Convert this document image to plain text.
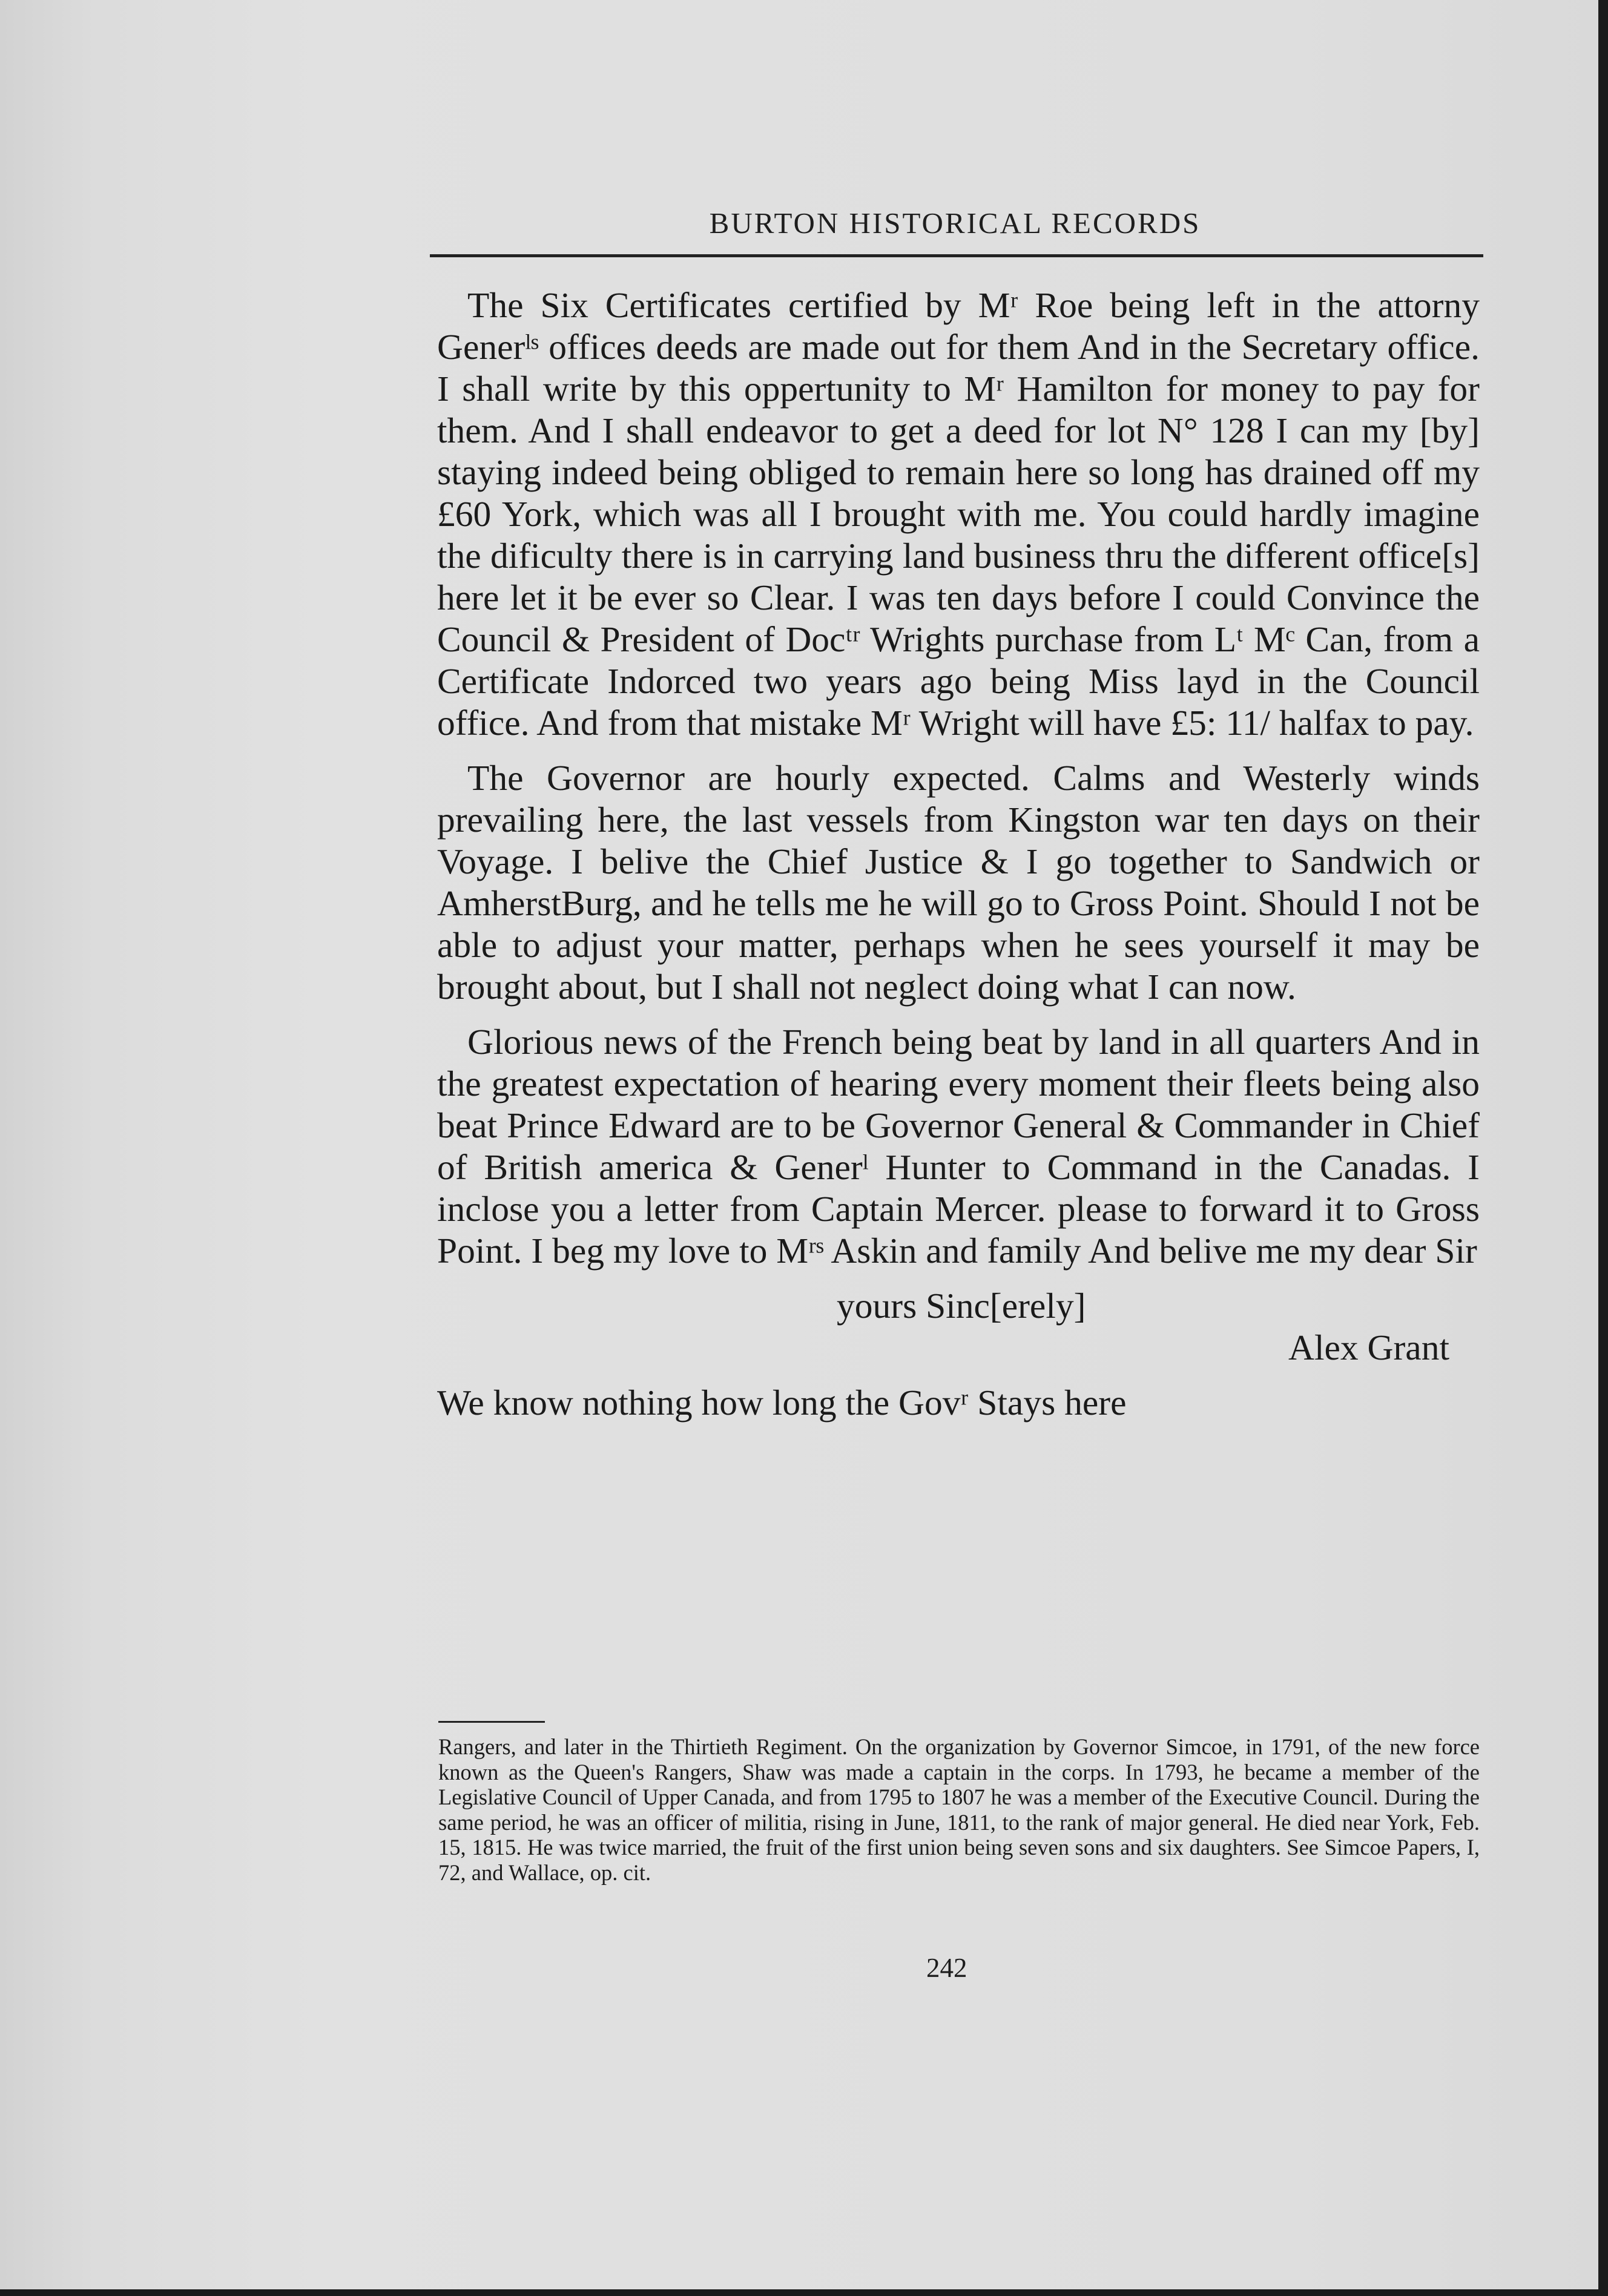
BURTON HISTORICAL RECORDS

The Six Certificates certified by Mʳ Roe being left in the attorny Generˡˢ offices deeds are made out for them And in the Secretary office. I shall write by this oppertunity to Mʳ Hamilton for money to pay for them. And I shall endeavor to get a deed for lot N° 128 I can my [by] staying indeed being obliged to remain here so long has drained off my £60 York, which was all I brought with me. You could hardly imagine the dificulty there is in carrying land business thru the different office[s] here let it be ever so Clear. I was ten days before I could Convince the Council & President of Docᵗʳ Wrights purchase from Lᵗ Mᶜ Can, from a Certificate Indorced two years ago being Miss layd in the Council office. And from that mistake Mʳ Wright will have £5: 11/ halfax to pay.

The Governor are hourly expected. Calms and Westerly winds prevailing here, the last vessels from Kingston war ten days on their Voyage. I belive the Chief Justice & I go together to Sandwich or AmherstBurg, and he tells me he will go to Gross Point. Should I not be able to adjust your matter, perhaps when he sees yourself it may be brought about, but I shall not neglect doing what I can now.

Glorious news of the French being beat by land in all quarters And in the greatest expectation of hearing every moment their fleets being also beat Prince Edward are to be Governor General & Commander in Chief of British america & Generˡ Hunter to Command in the Canadas. I inclose you a letter from Captain Mercer. please to forward it to Gross Point. I beg my love to Mʳˢ Askin and family And belive me my dear Sir

yours Sinc[erely]
Alex Grant

We know nothing how long the Govʳ Stays here

Rangers, and later in the Thirtieth Regiment. On the organization by Governor Simcoe, in 1791, of the new force known as the Queen's Rangers, Shaw was made a captain in the corps. In 1793, he became a member of the Legislative Council of Upper Canada, and from 1795 to 1807 he was a member of the Executive Council. During the same period, he was an officer of militia, rising in June, 1811, to the rank of major general. He died near York, Feb. 15, 1815. He was twice married, the fruit of the first union being seven sons and six daughters. See Simcoe Papers, I, 72, and Wallace, op. cit.

242
